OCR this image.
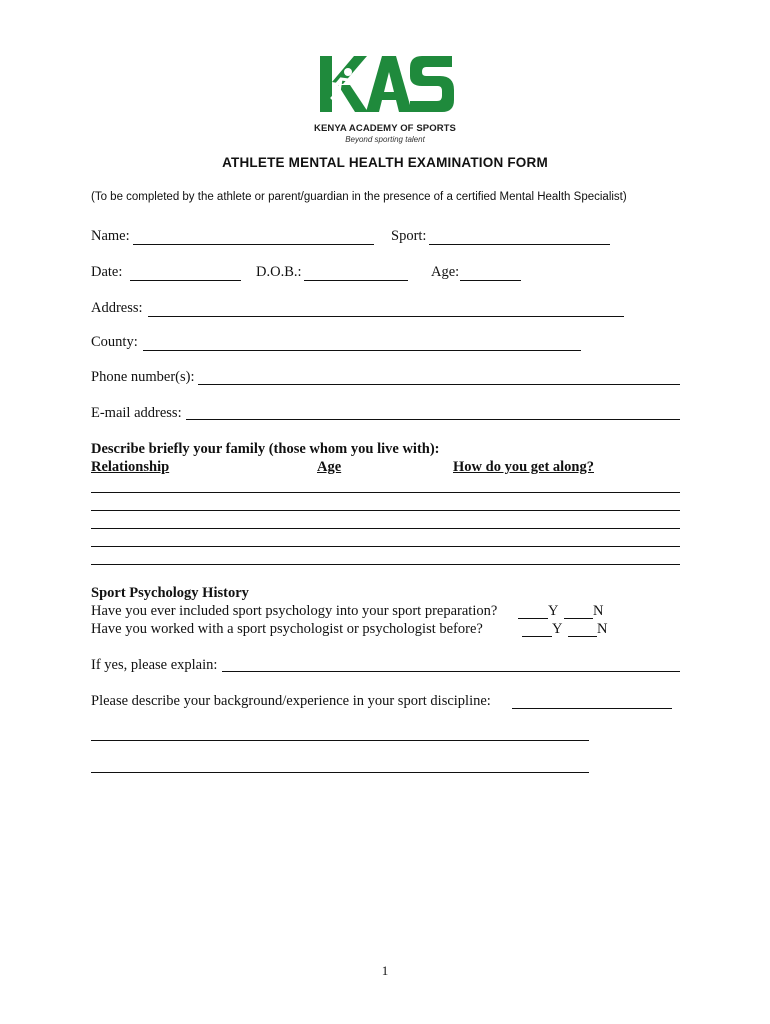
KENYA ACADEMY OF SPORTS
Beyond sporting talent
ATHLETE MENTAL HEALTH EXAMINATION FORM
(To be completed by the athlete or parent/guardian in the presence of a certified Mental Health Specialist)
Name:	Sport:
Date:	D.O.B.:	Age:
Address:
County:
Phone number(s):
E-mail address:
Describe briefly your family (those whom you live with):
Relationship	Age	How do you get along?
Sport Psychology History
Have you ever included sport psychology into your sport preparation?	Y N
Have you worked with a sport psychologist or psychologist before?	Y N
If yes, please explain:
Please describe your background/experience in your sport discipline:
1
